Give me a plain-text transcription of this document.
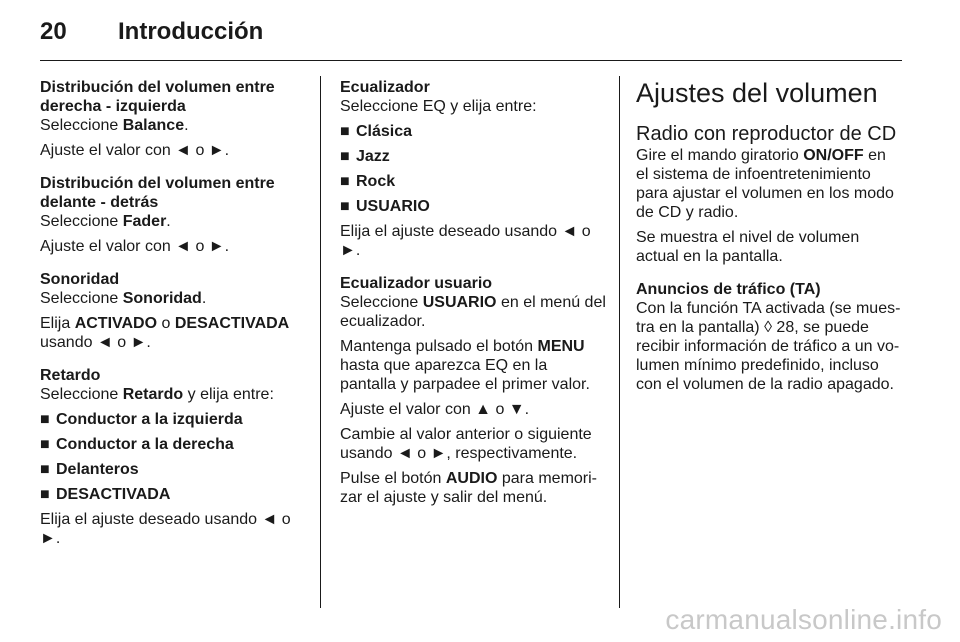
20 Introducción
Distribución del volumen entre derecha - izquierda

Seleccione Balance.

Ajuste el valor con ◄ o ►.

Distribución del volumen entre delante - detrás

Seleccione Fader.

Ajuste el valor con ◄ o ►.

Sonoridad

Seleccione Sonoridad.

Elija ACTIVADO o DESACTIVADA usando ◄ o ►.

Retardo

Seleccione Retardo y elija entre:

■ Conductor a la izquierda
■ Conductor a la derecha
■ Delanteros
■ DESACTIVADA

Elija el ajuste deseado usando ◄ o ►.

Ecualizador

Seleccione EQ y elija entre:

■ Clásica
■ Jazz
■ Rock
■ USUARIO

Elija el ajuste deseado usando ◄ o ►.

Ecualizador usuario

Seleccione USUARIO en el menú del ecualizador.

Mantenga pulsado el botón MENU hasta que aparezca EQ en la pantalla y parpadee el primer valor.

Ajuste el valor con ▲ o ▼.

Cambie al valor anterior o siguiente usando ◄ o ►, respectivamente.

Pulse el botón AUDIO para memori-zar el ajuste y salir del menú.

Ajustes del volumen
Radio con reproductor de CD

Gire el mando giratorio ON/OFF en el sistema de infoentretenimiento para ajustar el volumen en los modo de CD y radio.

Se muestra el nivel de volumen actual en la pantalla.

Anuncios de tráfico (TA)

Con la función TA activada (se mues-tra en la pantalla) ◊ 28, se puede recibir información de tráfico a un vo-lumen mínimo predefinido, incluso con el volumen de la radio apagado.

carmanualsonline.info
